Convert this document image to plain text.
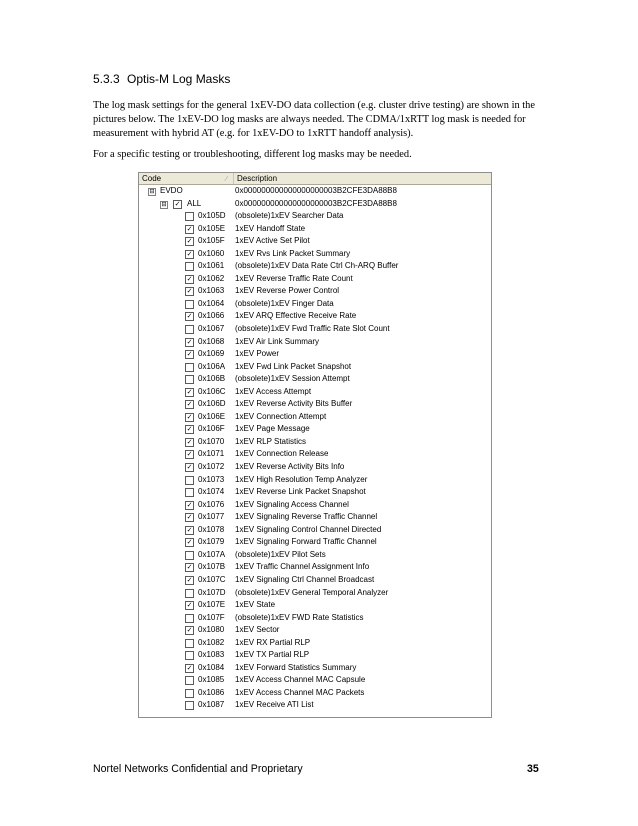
5.3.3 Optis-M Log Masks
The log mask settings for the general 1xEV-DO data collection (e.g. cluster drive testing) are shown in the pictures below. The 1xEV-DO log masks are always needed. The CDMA/1xRTT log mask is needed for measurement with hybrid AT (e.g. for 1xEV-DO to 1xRTT handoff analysis).
For a specific testing or troubleshooting, different log masks may be needed.
Code	⁄	Description
⊟ EVDO	0x000000000000000000003B2CFE3DA88B8
⊟ ✓ ALL	0x000000000000000000003B2CFE3DA88B8
0x105D (obsolete)1xEV Searcher Data
✓ 0x105E 1xEV Handoff State
✓ 0x105F 1xEV Active Set Pilot
✓ 0x1060 1xEV Rvs Link Packet Summary
0x1061 (obsolete)1xEV Data Rate Ctrl Ch-ARQ Buffer
✓ 0x1062 1xEV Reverse Traffic Rate Count
✓ 0x1063 1xEV Reverse Power Control
0x1064 (obsolete)1xEV Finger Data
✓ 0x1066 1xEV ARQ Effective Receive Rate
0x1067 (obsolete)1xEV Fwd Traffic Rate Slot Count
✓ 0x1068 1xEV Air Link Summary
✓ 0x1069 1xEV Power
0x106A 1xEV Fwd Link Packet Snapshot
0x106B (obsolete)1xEV Session Attempt
✓ 0x106C 1xEV Access Attempt
✓ 0x106D 1xEV Reverse Activity Bits Buffer
✓ 0x106E 1xEV Connection Attempt
✓ 0x106F 1xEV Page Message
✓ 0x1070 1xEV RLP Statistics
✓ 0x1071 1xEV Connection Release
✓ 0x1072 1xEV Reverse Activity Bits Info
0x1073 1xEV High Resolution Temp Analyzer
0x1074 1xEV Reverse Link Packet Snapshot
✓ 0x1076 1xEV Signaling Access Channel
✓ 0x1077 1xEV Signaling Reverse Traffic Channel
✓ 0x1078 1xEV Signaling Control Channel Directed
✓ 0x1079 1xEV Signaling Forward Traffic Channel
0x107A (obsolete)1xEV Pilot Sets
✓ 0x107B 1xEV Traffic Channel Assignment Info
✓ 0x107C 1xEV Signaling Ctrl Channel Broadcast
0x107D (obsolete)1xEV General Temporal Analyzer
✓ 0x107E 1xEV State
0x107F (obsolete)1xEV FWD Rate Statistics
✓ 0x1080 1xEV Sector
0x1082 1xEV RX Partial RLP
0x1083 1xEV TX Partial RLP
✓ 0x1084 1xEV Forward Statistics Summary
0x1085 1xEV Access Channel MAC Capsule
0x1086 1xEV Access Channel MAC Packets
0x1087 1xEV Receive ATI List
Nortel Networks Confidential and Proprietary	35
